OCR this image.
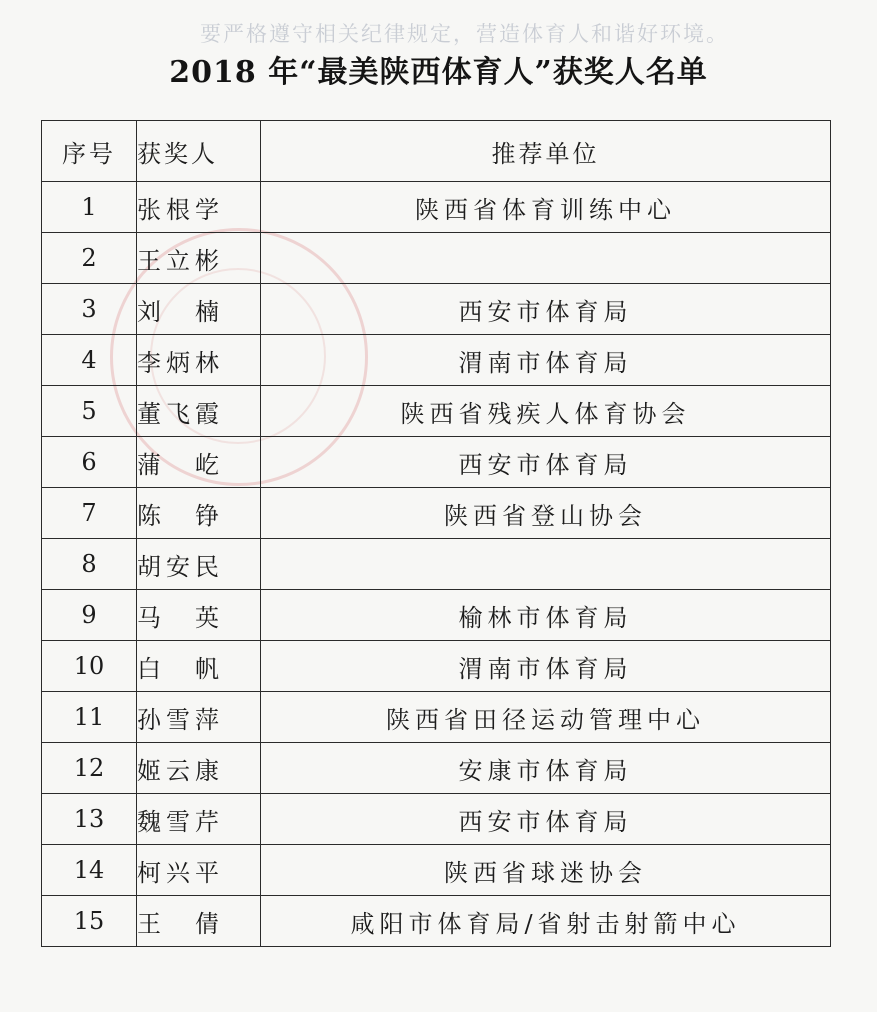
要严格遵守相关纪律规定，营造体育人和谐好环境。
2018 年“最美陕西体育人”获奖人名单
序号	获奖人	推荐单位
1	张根学	陕西省体育训练中心
2	王立彬	
3	刘　楠	西安市体育局
4	李炳林	渭南市体育局
5	董飞霞	陕西省残疾人体育协会
6	蒲　屹	西安市体育局
7	陈　铮	陕西省登山协会
8	胡安民	
9	马　英	榆林市体育局
10	白　帆	渭南市体育局
11	孙雪萍	陕西省田径运动管理中心
12	姬云康	安康市体育局
13	魏雪芹	西安市体育局
14	柯兴平	陕西省球迷协会
15	王　倩	咸阳市体育局/省射击射箭中心
